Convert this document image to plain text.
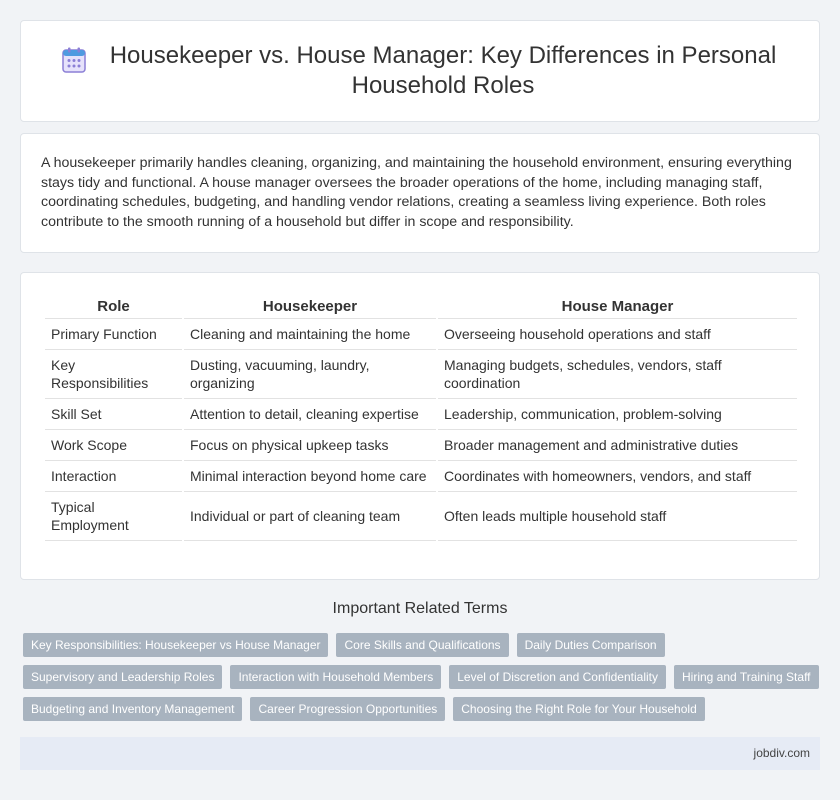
Housekeeper vs. House Manager: Key Differences in Personal Household Roles

A housekeeper primarily handles cleaning, organizing, and maintaining the household environment, ensuring everything stays tidy and functional. A house manager oversees the broader operations of the home, including managing staff, coordinating schedules, budgeting, and handling vendor relations, creating a seamless living experience. Both roles contribute to the smooth running of a household but differ in scope and responsibility.

Role	Housekeeper	House Manager
Primary Function	Cleaning and maintaining the home	Overseeing household operations and staff
Key Responsibilities	Dusting, vacuuming, laundry, organizing	Managing budgets, schedules, vendors, staff coordination
Skill Set	Attention to detail, cleaning expertise	Leadership, communication, problem-solving
Work Scope	Focus on physical upkeep tasks	Broader management and administrative duties
Interaction	Minimal interaction beyond home care	Coordinates with homeowners, vendors, and staff
Typical Employment	Individual or part of cleaning team	Often leads multiple household staff
Important Related Terms
Key Responsibilities: Housekeeper vs House Manager	Core Skills and Qualifications	Daily Duties Comparison
Supervisory and Leadership Roles	Interaction with Household Members	Level of Discretion and Confidentiality	Hiring and Training Staff
Budgeting and Inventory Management	Career Progression Opportunities	Choosing the Right Role for Your Household
jobdiv.com
